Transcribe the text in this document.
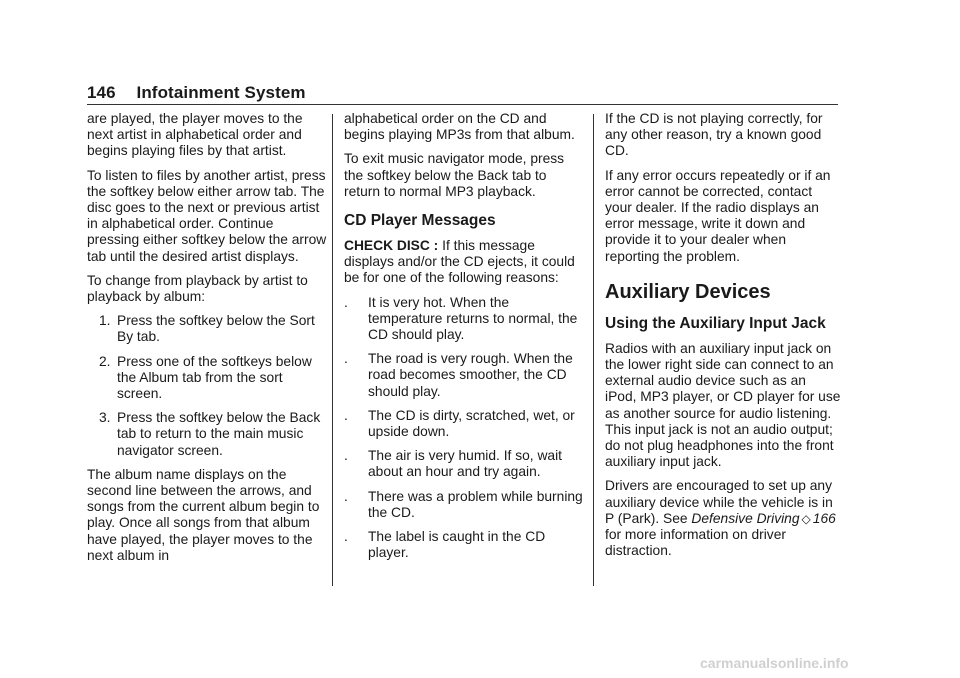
146 Infotainment System

are played, the player moves to the next artist in alphabetical order and begins playing files by that artist.

To listen to files by another artist, press the softkey below either arrow tab. The disc goes to the next or previous artist in alphabetical order. Continue pressing either softkey below the arrow tab until the desired artist displays.

To change from playback by artist to playback by album:

1. Press the softkey below the Sort By tab.
2. Press one of the softkeys below the Album tab from the sort screen.
3. Press the softkey below the Back tab to return to the main music navigator screen.

The album name displays on the second line between the arrows, and songs from the current album begin to play. Once all songs from that album have played, the player moves to the next album in

alphabetical order on the CD and begins playing MP3s from that album.

To exit music navigator mode, press the softkey below the Back tab to return to normal MP3 playback.

CD Player Messages

CHECK DISC : If this message displays and/or the CD ejects, it could be for one of the following reasons:

. It is very hot. When the temperature returns to normal, the CD should play.
. The road is very rough. When the road becomes smoother, the CD should play.
. The CD is dirty, scratched, wet, or upside down.
. The air is very humid. If so, wait about an hour and try again.
. There was a problem while burning the CD.
. The label is caught in the CD player.

If the CD is not playing correctly, for any other reason, try a known good CD.

If any error occurs repeatedly or if an error cannot be corrected, contact your dealer. If the radio displays an error message, write it down and provide it to your dealer when reporting the problem.

Auxiliary Devices
Using the Auxiliary Input Jack

Radios with an auxiliary input jack on the lower right side can connect to an external audio device such as an iPod, MP3 player, or CD player for use as another source for audio listening. This input jack is not an audio output; do not plug headphones into the front auxiliary input jack.

Drivers are encouraged to set up any auxiliary device while the vehicle is in P (Park). See Defensive Driving ◇ 166 for more information on driver distraction.

carmanualsonline.info
